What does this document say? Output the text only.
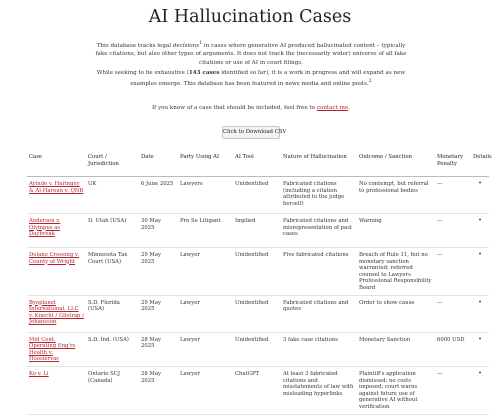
AI Hallucination Cases

This database tracks legal decisions$^1$ in cases where generative AI produced hallucinated content – typically fake citations, but also other types of arguments. It does not track the (necessarily wider) universe of all fake citations or use of AI in court filings.

While seeking to be exhaustive (143 cases identified so far), it is a work in progress and will expand as new examples emerge. This database has been featured in news media and online posts.$^2$

If you know of a case that should be included, feel free to contact me.

Click to Download CSV
Case	Court / Jurisdiction	Date	Party Using AI	AI Tool	Nature of Hallucination	Outcome / Sanction	Monetary Penalty	Details
Ayinde v. Haringey & Al-Haroun v. QNB	UK	6 June 2025	Lawyers	Unidentified	Fabricated citations (including a citation attributed to the judge herself)	No contempt, but referral to professional bodies	—	•
Andersen v. Olympus as Daybreak	D. Utah (USA)	30 May 2025	Pro Se Litigant	Implied	Fabricated citations and misrepresentation of past cases	Warning	—	•
Delano Crossing v. County of Wright	Minnesota Tax Court (USA)	29 May 2025	Lawyer	Unidentified	Five fabricated citations	Breach of Rule 11, but no monetary sanction warranted; referred counsel to Lawyers Professional Responsibility Board	—	•
Byoplanet International, LLC v. Knecht / Gilstrap / Johansson	S.D. Florida (USA)	29 May 2025	Lawyer	Unidentified	Fabricated citations and quotes	Order to show cause	—	•
Mid Cent. Operating Eng'rs Health v. Hoosiervac	S.D. Ind. (USA)	28 May 2025	Lawyer	Unidentified	3 fake case citations	Monetary Sanction	6000 USD	•
Ko v. Li	Ontario SCJ (Canada)	28 May 2025	Lawyer	ChatGPT	At least 3 fabricated citations and misstatements of law with misleading hyperlinks	Plaintiff's application dismissed; no costs imposed; court warns against future use of generative AI without verification	—	•
